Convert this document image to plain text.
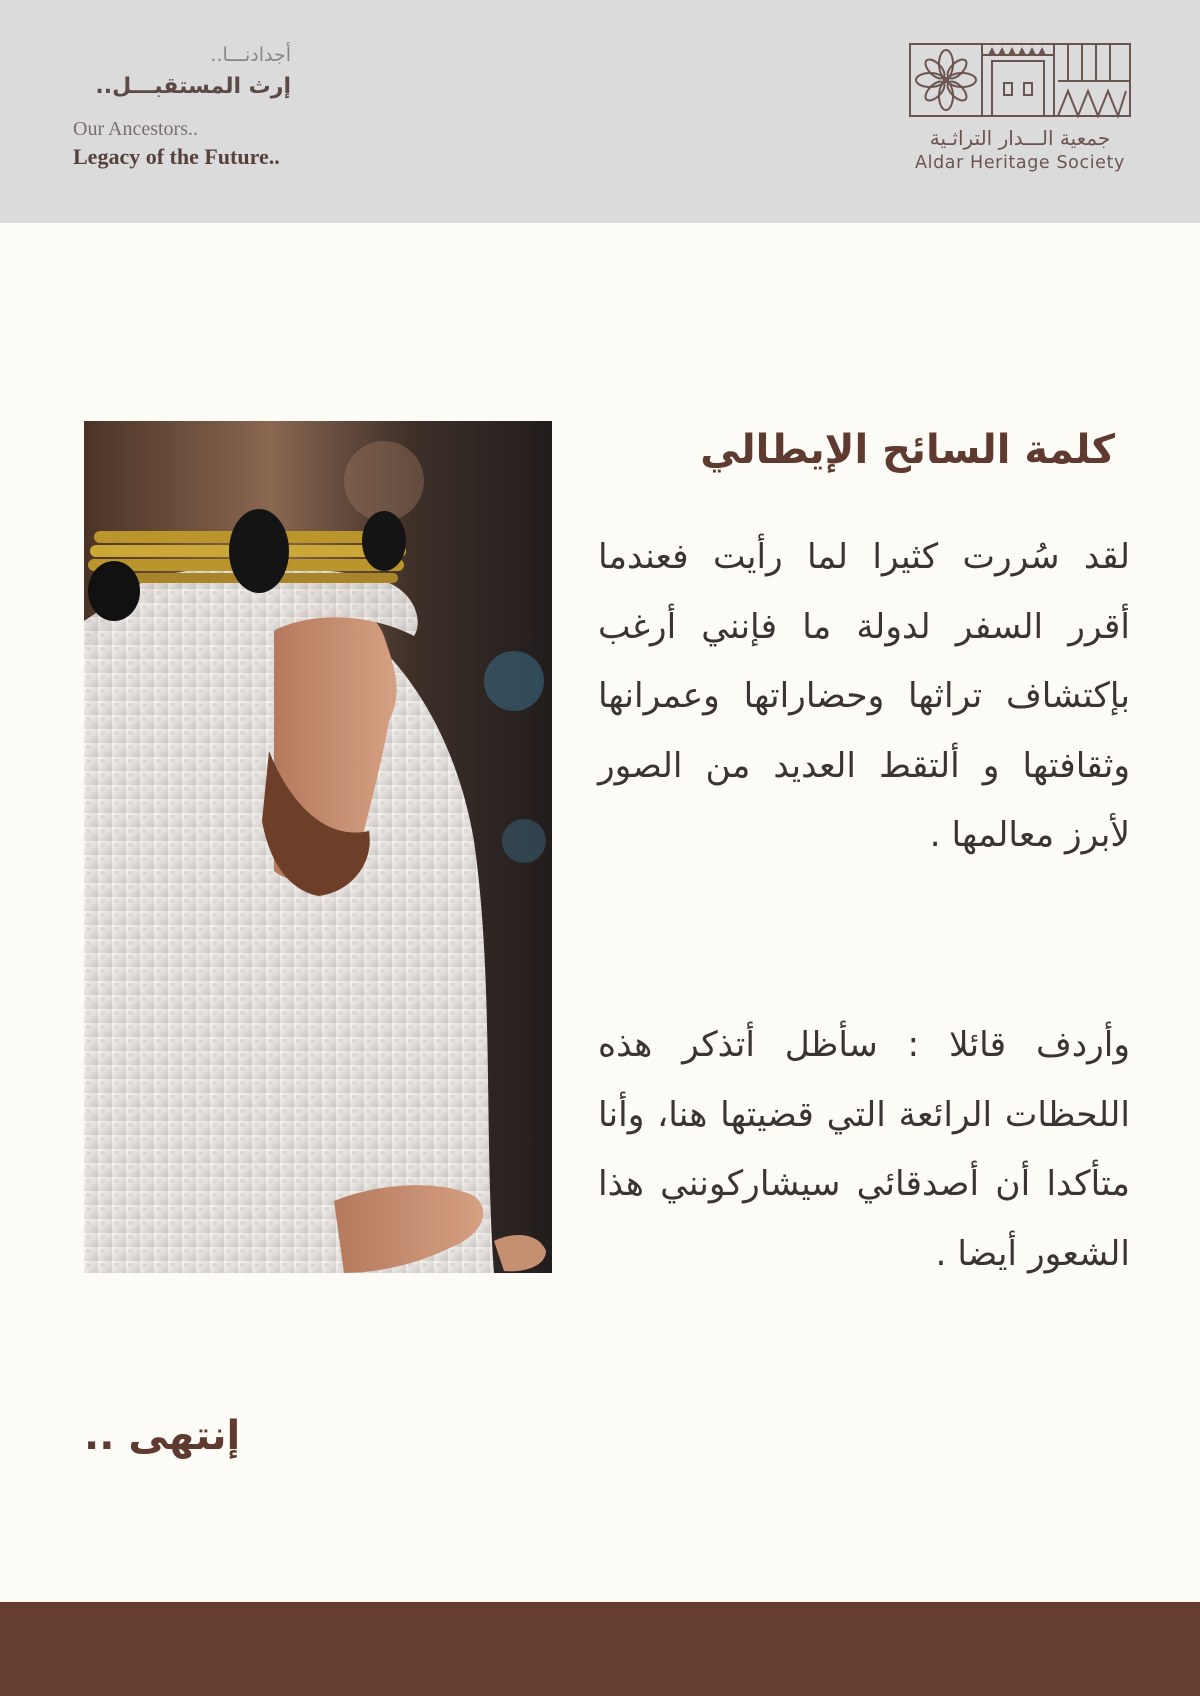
أجدادنـــا..
إرث المستقبـــل..
Our Ancestors..
Legacy of the Future..
جمعية الـــدار التراثـية
Aldar Heritage Society
كلمة السائح الإيطالي

لقد سُررت كثيرا لما رأيت فعندما أقرر السفر لدولة ما فإنني أرغب بإكتشاف تراثها وحضاراتها وعمرانها وثقافتها و ألتقط العديد من الصور لأبرز معالمها .

وأردف قائلا : سأظل أتذكر هذه اللحظات الرائعة التي قضيتها هنا، وأنا متأكدا أن أصدقائي سيشاركونني هذا الشعور أيضا .

إنتهى ..
